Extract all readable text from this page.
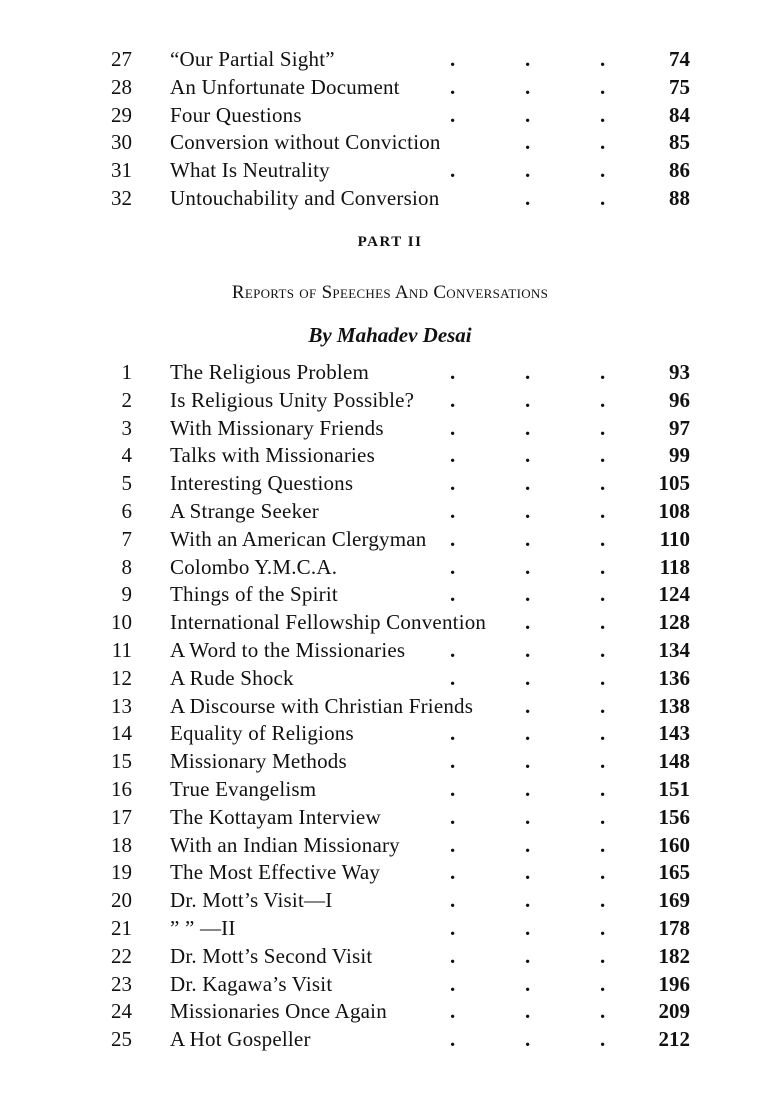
27 “Our Partial Sight”	.	.	.	74
28 An Unfortunate Document .	.	.	75
29 Four Questions	.	.	.	84
30 Conversion without Conviction	.	.	85
31 What Is Neutrality	.	.	.	86
32 Untouchability and Conversion	.	.	88
PART II
Reports of Speeches And Conversations
By Mahadev Desai
1 The Religious Problem	.	.	.	93
2 Is Religious Unity Possible? .	.	.	96
3 With Missionary Friends	.	.	.	97
4 Talks with Missionaries	.	.	.	99
5 Interesting Questions	.	.	.	105
6 A Strange Seeker	.	.	.	108
7 With an American Clergyman .	.	.	110
8 Colombo Y.M.C.A.	.	.	.	118
9 Things of the Spirit	.	.	.	124
10 International Fellowship Convention .	.	128
11 A Word to the Missionaries .	.	.	134
12 A Rude Shock	.	.	.	136
13 A Discourse with Christian Friends .	.	138
14 Equality of Religions	.	.	.	143
15 Missionary Methods	.	.	.	148
16 True Evangelism	.	.	.	151
17 The Kottayam Interview	.	.	.	156
18 With an Indian Missionary .	.	.	160
19 The Most Effective Way	.	.	.	165
20 Dr. Mott’s Visit—I	.	.	.	169
21 ” ” —II	.	.	.	178
22 Dr. Mott’s Second Visit	.	.	.	182
23 Dr. Kagawa’s Visit	.	.	.	196
24 Missionaries Once Again	.	.	.	209
25 A Hot Gospeller	.	.	.	212
